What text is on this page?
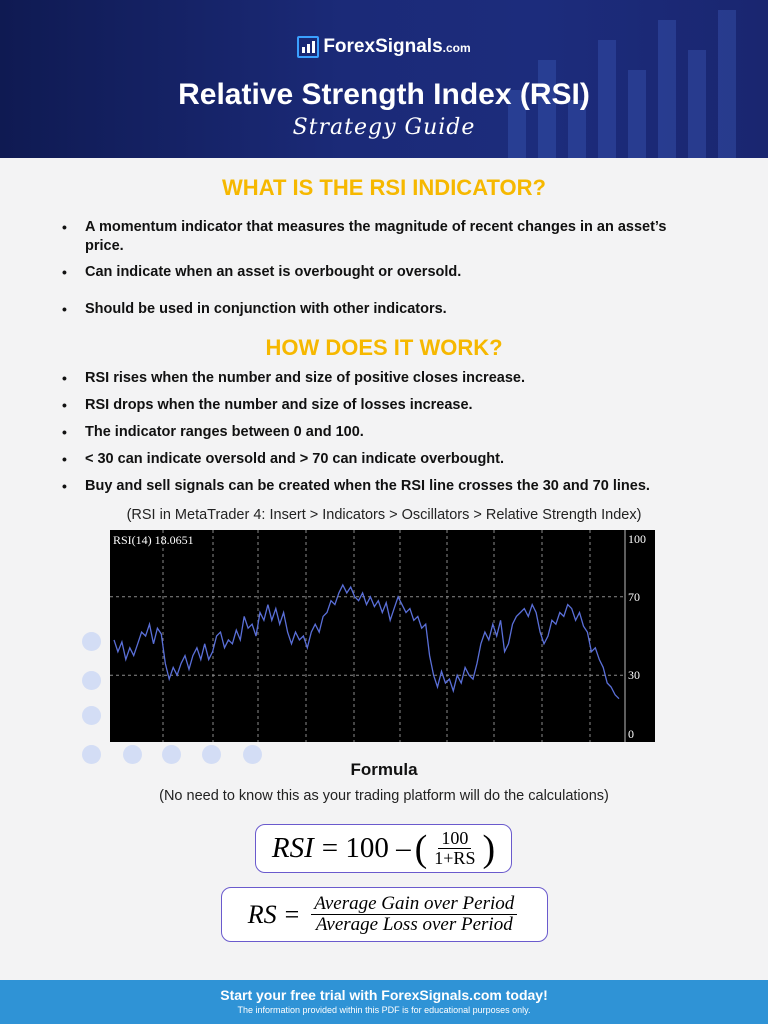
ForexSignals.com
Relative Strength Index (RSI)
Strategy Guide
WHAT IS THE RSI INDICATOR?
• A momentum indicator that measures the magnitude of recent changes in an asset’s price.
• Can indicate when an asset is overbought or oversold.
• Should be used in conjunction with other indicators.
HOW DOES IT WORK?
• RSI rises when the number and size of positive closes increase.
• RSI drops when the number and size of losses increase.
• The indicator ranges between 0 and 100.
• < 30 can indicate oversold and > 70 can indicate overbought.
• Buy and sell signals can be created when the RSI line crosses the 30 and 70 lines.
(RSI in MetaTrader 4: Insert > Indicators > Oscillators > Relative Strength Index)
100
70
30
0
RSI(14) 18.0651
Formula
(No need to know this as your trading platform will do the calculations)
RSI = 100 – ( $\frac{100}{1+RS}$ )
RS = $\frac{\text{Average Gain over Period}}{\text{Average Loss over Period}}$
Start your free trial with ForexSignals.com today!
The information provided within this PDF is for educational purposes only.
